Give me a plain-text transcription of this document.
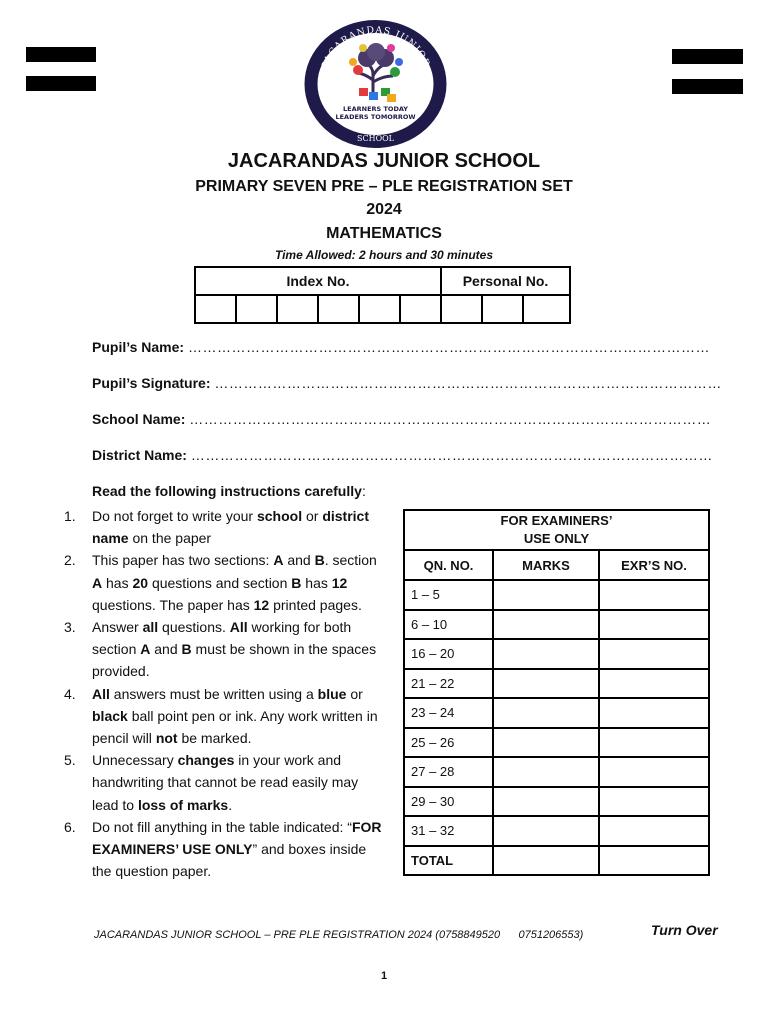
JACARANDAS JUNIOR
SCHOOL
LEARNERS TODAY
LEADERS TOMORROW
JACARANDAS JUNIOR SCHOOL
PRIMARY SEVEN PRE – PLE REGISTRATION SET
2024
MATHEMATICS
Time Allowed: 2 hours and 30 minutes
Index No.						Personal No.		

Pupil’s Name: ………………………………………………………………………………………………
Pupil’s Signature: ……………………………………………………………………………………………
School Name: ………………………………………………………………………………………………
District Name: ………………………………………………………………………………………………
Read the following instructions carefully:
1. Do not forget to write your school or district name on the paper
2. This paper has two sections: A and B. section A has 20 questions and section B has 12 questions. The paper has 12 printed pages.
3. Answer all questions. All working for both section A and B must be shown in the spaces provided.
4. All answers must be written using a blue or black ball point pen or ink. Any work written in pencil will not be marked.
5. Unnecessary changes in your work and handwriting that cannot be read easily may lead to loss of marks.
6. Do not fill anything in the table indicated: “FOR EXAMINERS’ USE ONLY” and boxes inside the question paper.
FOR EXAMINERS’
USE ONLY		
QN. NO.	MARKS	EXR’S NO.
1 – 5		
6 – 10		
16 – 20		
21 – 22		
23 – 24		
25 – 26		
27 – 28		
29 – 30		
31 – 32		
TOTAL		
JACARANDAS JUNIOR SCHOOL – PRE PLE REGISTRATION 2024 (0758849520      0751206553)	Turn Over
1
